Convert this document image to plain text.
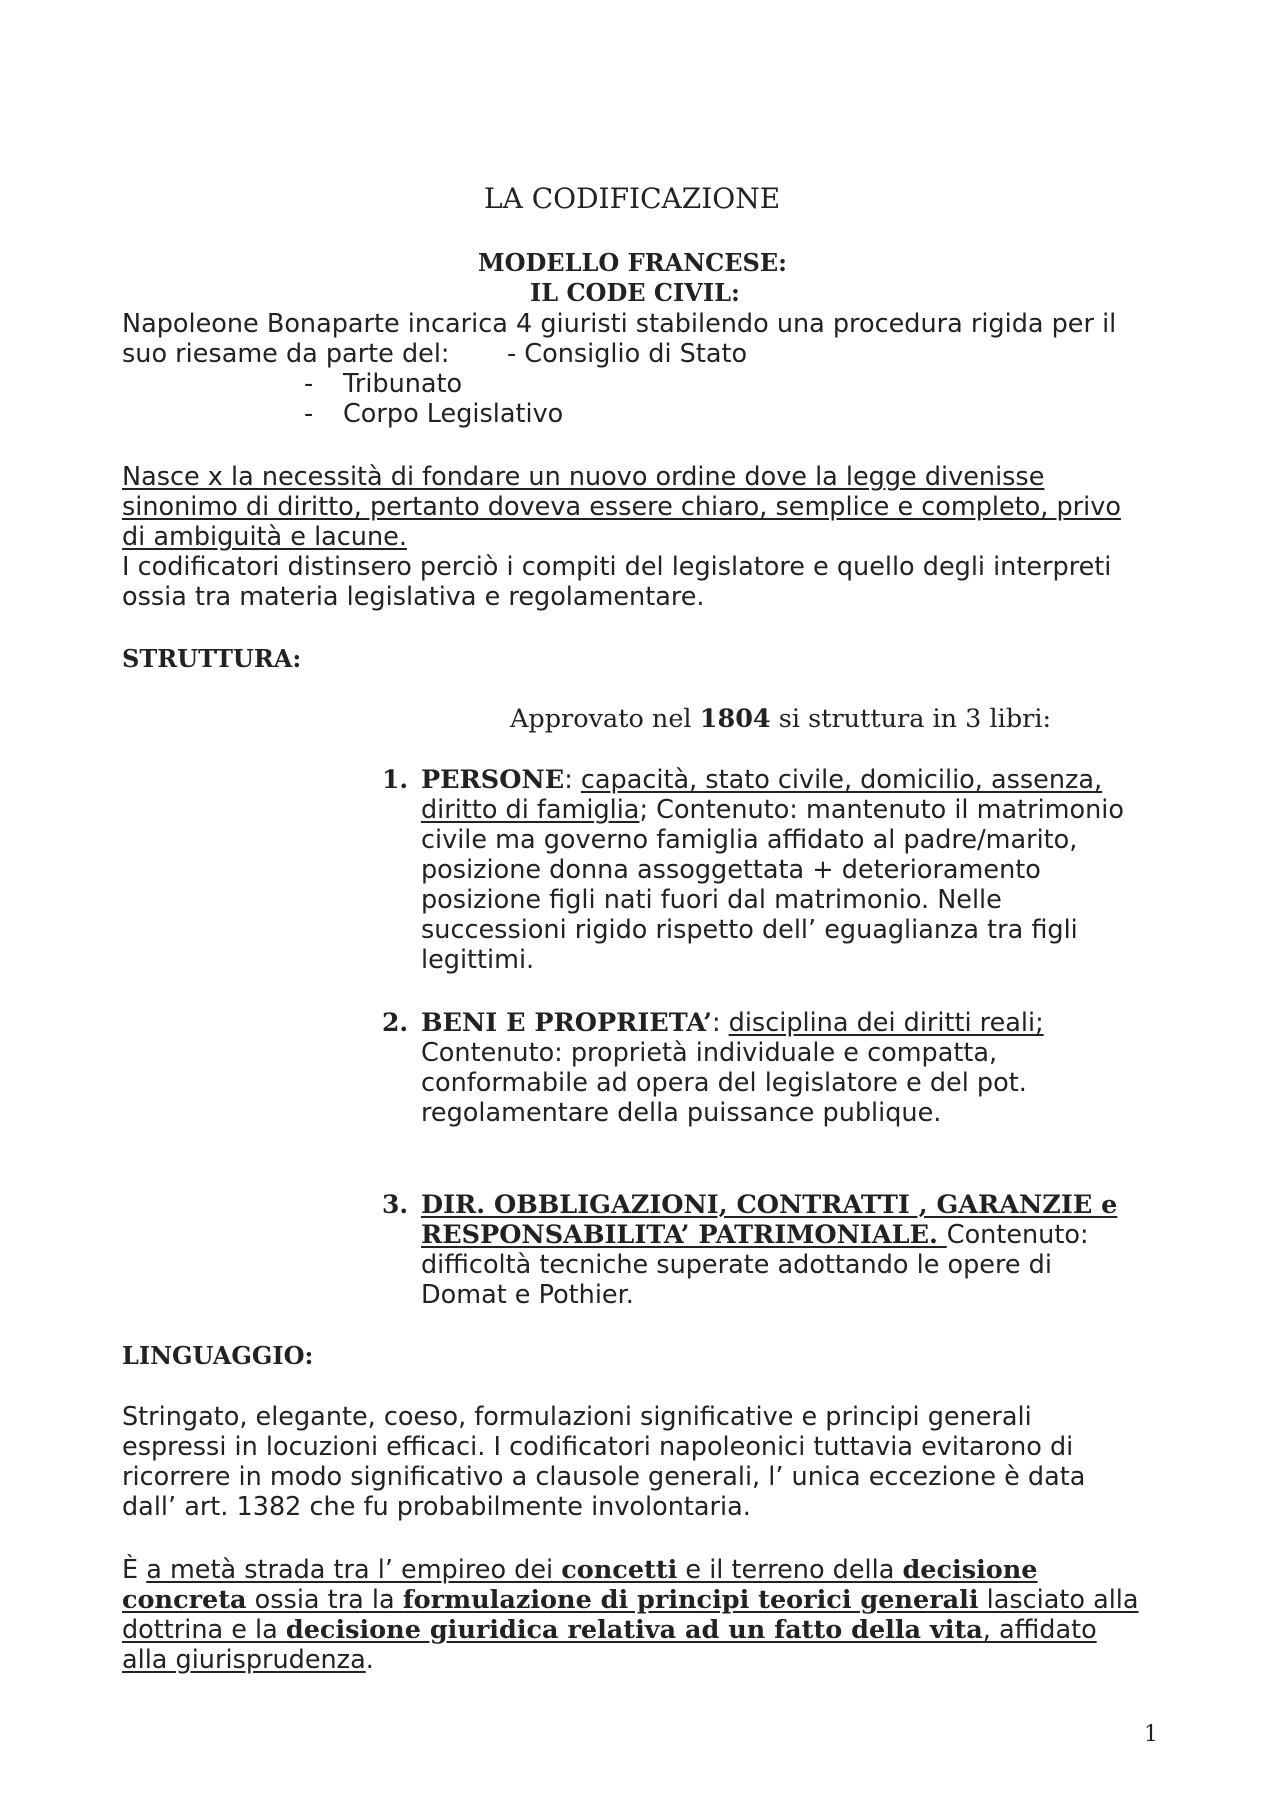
LA CODIFICAZIONE
MODELLO FRANCESE:
IL CODE CIVIL:
Napoleone Bonaparte incarica 4 giuristi stabilendo una procedura rigida per il
suo riesame da parte del: - Consiglio di Stato
- Tribunato
- Corpo Legislativo
Nasce x la necessità di fondare un nuovo ordine dove la legge divenisse
sinonimo di diritto, pertanto doveva essere chiaro, semplice e completo, privo
di ambiguità e lacune.
I codificatori distinsero perciò i compiti del legislatore e quello degli interpreti
ossia tra materia legislativa e regolamentare.
STRUTTURA:
Approvato nel 1804 si struttura in 3 libri:
1. PERSONE: capacità, stato civile, domicilio, assenza,
diritto di famiglia; Contenuto: mantenuto il matrimonio
civile ma governo famiglia affidato al padre/marito,
posizione donna assoggettata + deterioramento
posizione figli nati fuori dal matrimonio. Nelle
successioni rigido rispetto dell’ eguaglianza tra figli
legittimi.
2. BENI E PROPRIETA’: disciplina dei diritti reali;
Contenuto: proprietà individuale e compatta,
conformabile ad opera del legislatore e del pot.
regolamentare della puissance publique.
3. DIR. OBBLIGAZIONI, CONTRATTI , GARANZIE e
RESPONSABILITA’ PATRIMONIALE. Contenuto:
difficoltà tecniche superate adottando le opere di
Domat e Pothier.
LINGUAGGIO:
Stringato, elegante, coeso, formulazioni significative e principi generali
espressi in locuzioni efficaci. I codificatori napoleonici tuttavia evitarono di
ricorrere in modo significativo a clausole generali, l’ unica eccezione è data
dall’ art. 1382 che fu probabilmente involontaria.
È a metà strada tra l’ empireo dei concetti e il terreno della decisione
concreta ossia tra la formulazione di principi teorici generali lasciato alla
dottrina e la decisione giuridica relativa ad un fatto della vita, affidato
alla giurisprudenza.
1
